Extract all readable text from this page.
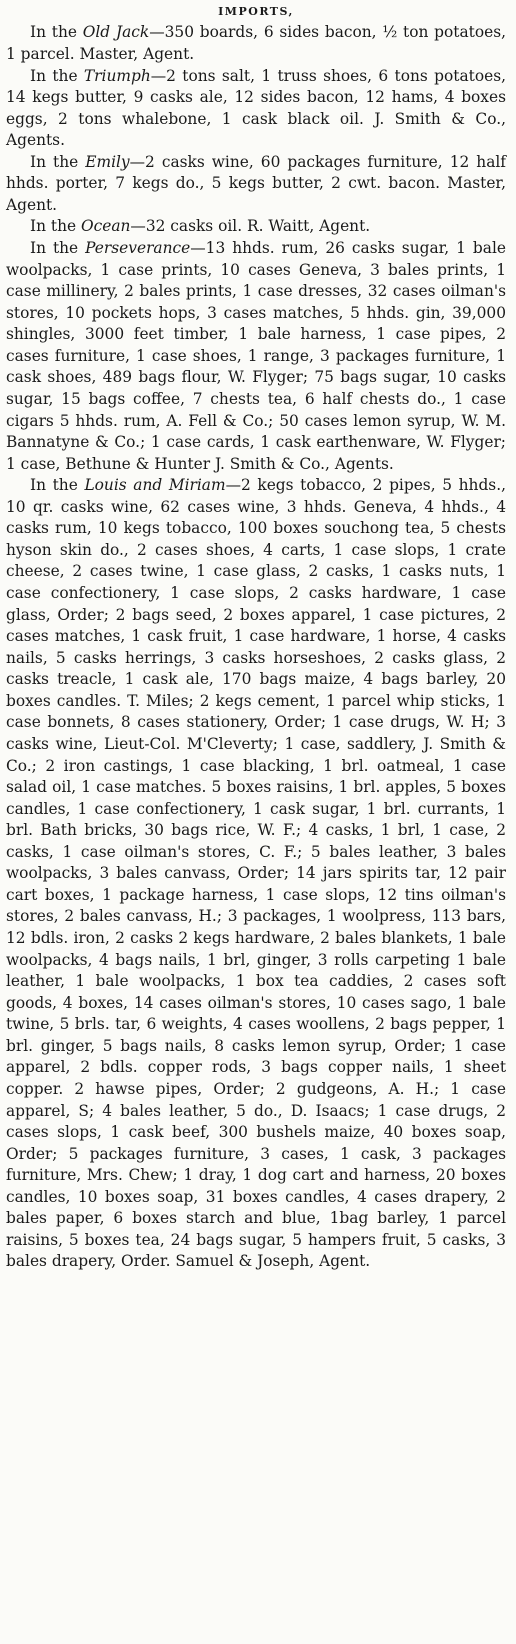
IMPORTS,

In the Old Jack—350 boards, 6 sides bacon, ½ ton potatoes, 1 parcel. Master, Agent.

In the Triumph—2 tons salt, 1 truss shoes, 6 tons potatoes, 14 kegs butter, 9 casks ale, 12 sides bacon, 12 hams, 4 boxes eggs, 2 tons whalebone, 1 cask black oil. J. Smith & Co., Agents.

In the Emily—2 casks wine, 60 packages furniture, 12 half hhds. porter, 7 kegs do., 5 kegs butter, 2 cwt. bacon. Master, Agent.

In the Ocean—32 casks oil. R. Waitt, Agent.

In the Perseverance—13 hhds. rum, 26 casks sugar, 1 bale woolpacks, 1 case prints, 10 cases Geneva, 3 bales prints, 1 case millinery, 2 bales prints, 1 case dresses, 32 cases oilman's stores, 10 pockets hops, 3 cases matches, 5 hhds. gin, 39,000 shingles, 3000 feet timber, 1 bale harness, 1 case pipes, 2 cases furniture, 1 case shoes, 1 range, 3 packages furniture, 1 cask shoes, 489 bags flour, W. Flyger; 75 bags sugar, 10 casks sugar, 15 bags coffee, 7 chests tea, 6 half chests do., 1 case cigars 5 hhds. rum, A. Fell & Co.; 50 cases lemon syrup, W. M. Bannatyne & Co.; 1 case cards, 1 cask earthenware, W. Flyger; 1 case, Bethune & Hunter J. Smith & Co., Agents.

In the Louis and Miriam—2 kegs tobacco, 2 pipes, 5 hhds., 10 qr. casks wine, 62 cases wine, 3 hhds. Geneva, 4 hhds., 4 casks rum, 10 kegs tobacco, 100 boxes souchong tea, 5 chests hyson skin do., 2 cases shoes, 4 carts, 1 case slops, 1 crate cheese, 2 cases twine, 1 case glass, 2 casks, 1 casks nuts, 1 case confectionery, 1 case slops, 2 casks hardware, 1 case glass, Order; 2 bags seed, 2 boxes apparel, 1 case pictures, 2 cases matches, 1 cask fruit, 1 case hardware, 1 horse, 4 casks nails, 5 casks herrings, 3 casks horseshoes, 2 casks glass, 2 casks treacle, 1 cask ale, 170 bags maize, 4 bags barley, 20 boxes candles. T. Miles; 2 kegs cement, 1 parcel whip sticks, 1 case bonnets, 8 cases stationery, Order; 1 case drugs, W. H; 3 casks wine, Lieut-Col. M'Cleverty; 1 case, saddlery, J. Smith & Co.; 2 iron castings, 1 case blacking, 1 brl. oatmeal, 1 case salad oil, 1 case matches. 5 boxes raisins, 1 brl. apples, 5 boxes candles, 1 case confectionery, 1 cask sugar, 1 brl. currants, 1 brl. Bath bricks, 30 bags rice, W. F.; 4 casks, 1 brl, 1 case, 2 casks, 1 case oilman's stores, C. F.; 5 bales leather, 3 bales woolpacks, 3 bales canvass, Order; 14 jars spirits tar, 12 pair cart boxes, 1 package harness, 1 case slops, 12 tins oilman's stores, 2 bales canvass, H.; 3 packages, 1 woolpress, 113 bars, 12 bdls. iron, 2 casks 2 kegs hardware, 2 bales blankets, 1 bale woolpacks, 4 bags nails, 1 brl, ginger, 3 rolls carpeting 1 bale leather, 1 bale woolpacks, 1 box tea caddies, 2 cases soft goods, 4 boxes, 14 cases oilman's stores, 10 cases sago, 1 bale twine, 5 brls. tar, 6 weights, 4 cases woollens, 2 bags pepper, 1 brl. ginger, 5 bags nails, 8 casks lemon syrup, Order; 1 case apparel, 2 bdls. copper rods, 3 bags copper nails, 1 sheet copper. 2 hawse pipes, Order; 2 gudgeons, A. H.; 1 case apparel, S; 4 bales leather, 5 do., D. Isaacs; 1 case drugs, 2 cases slops, 1 cask beef, 300 bushels maize, 40 boxes soap, Order; 5 packages furniture, 3 cases, 1 cask, 3 packages furniture, Mrs. Chew; 1 dray, 1 dog cart and harness, 20 boxes candles, 10 boxes soap, 31 boxes candles, 4 cases drapery, 2 bales paper, 6 boxes starch and blue, 1bag barley, 1 parcel raisins, 5 boxes tea, 24 bags sugar, 5 hampers fruit, 5 casks, 3 bales drapery, Order. Samuel & Joseph, Agent.
